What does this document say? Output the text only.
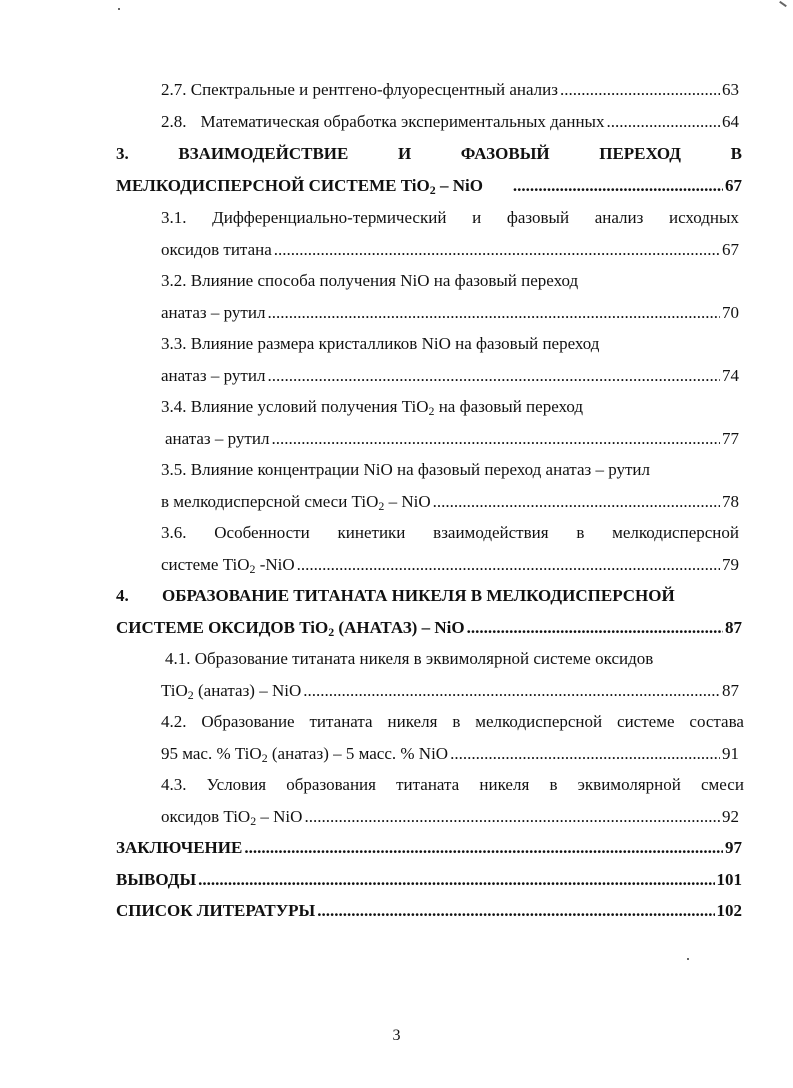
2.7. Спектральные и рентгено-флуоресцентный анализ .....	63
2.8. Математическая обработка экспериментальных данных .....	64
3.	ВЗАИМОДЕЙСТВИЕ	И	ФАЗОВЫЙ	ПЕРЕХОД	В
МЕЛКОДИСПЕРСНОЙ СИСТЕМЕ TiO2 – NiO .....	67
3.1. Дифференциально-термический и фазовый анализ исходных
оксидов титана .....	67
3.2. Влияние способа получения NiO на фазовый переход
анатаз – рутил .....	70
3.3. Влияние размера кристалликов NiO на фазовый переход
анатаз – рутил .....	74
3.4. Влияние условий получения TiO2 на фазовый переход
анатаз – рутил .....	77
3.5. Влияние концентрации NiO на фазовый переход анатаз – рутил
в мелкодисперсной смеси TiO2 – NiO .....	78
3.6. Особенности кинетики взаимодействия в мелкодисперсной
системе TiO2 -NiO .....	79
4.	ОБРАЗОВАНИЕ ТИТАНАТА НИКЕЛЯ В МЕЛКОДИСПЕРСНОЙ
СИСТЕМЕ ОКСИДОВ TiO2 (АНАТАЗ) – NiO .....	87
4.1. Образование титаната никеля в эквимолярной системе оксидов
TiO2 (анатаз) – NiO .....	87
4.2. Образование титаната никеля в мелкодисперсной системе состава
95 мас. % TiO2 (анатаз) – 5 масс. % NiO .....	91
4.3. Условия образования титаната никеля в эквимолярной смеси
оксидов TiO2 – NiO .....	92
ЗАКЛЮЧЕНИЕ .....	97
ВЫВОДЫ .....	101
СПИСОК ЛИТЕРАТУРЫ .....	102
3
